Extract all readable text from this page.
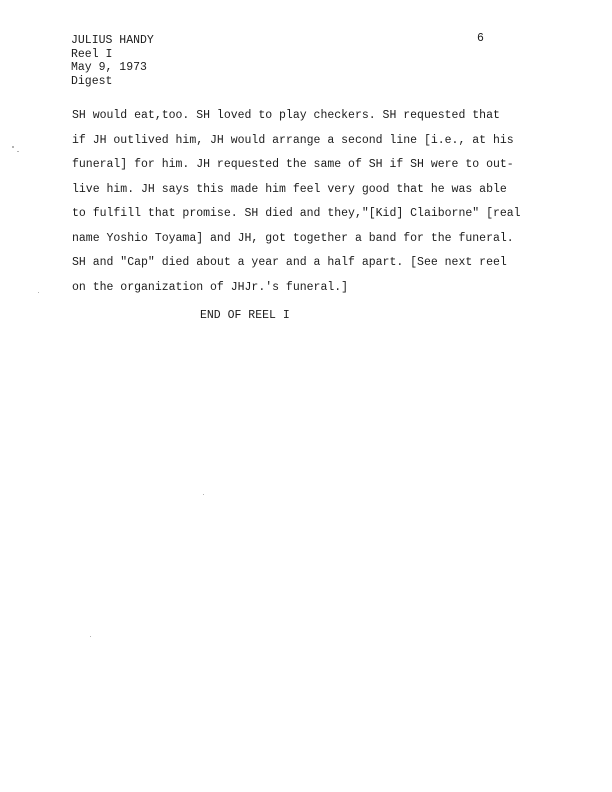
JULIUS HANDY
Reel I
May 9, 1973
Digest
6
SH would eat,too. SH loved to play checkers. SH requested that
if JH outlived him, JH would arrange a second line [i.e., at his
funeral] for him. JH requested the same of SH if SH were to out-
live him. JH says this made him feel very good that he was able
to fulfill that promise. SH died and they,"[Kid] Claiborne" [real
name Yoshio Toyama] and JH, got together a band for the funeral.
SH and "Cap" died about a year and a half apart. [See next reel
on the organization of JHJr.'s funeral.]
END OF REEL I
